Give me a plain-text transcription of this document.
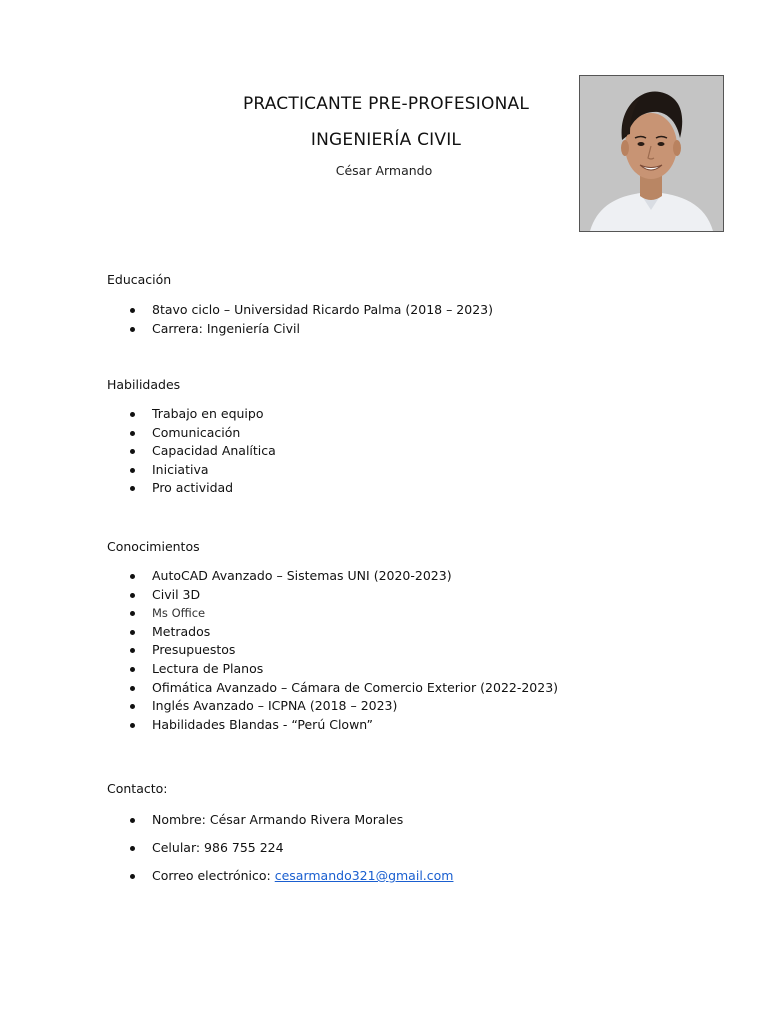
PRACTICANTE PRE-PROFESIONAL
INGENIERÍA CIVIL
César Armando
Educación
8tavo ciclo – Universidad Ricardo Palma (2018 – 2023)
Carrera: Ingeniería Civil
Habilidades
Trabajo en equipo
Comunicación
Capacidad Analítica
Iniciativa
Pro actividad
Conocimientos
AutoCAD Avanzado – Sistemas UNI (2020-2023)
Civil 3D
Ms Office
Metrados
Presupuestos
Lectura de Planos
Ofimática Avanzado – Cámara de Comercio Exterior (2022-2023)
Inglés Avanzado – ICPNA (2018 – 2023)
Habilidades Blandas - “Perú Clown”
Contacto:
Nombre: César Armando Rivera Morales
Celular: 986 755 224
Correo electrónico: cesarmando321@gmail.com
